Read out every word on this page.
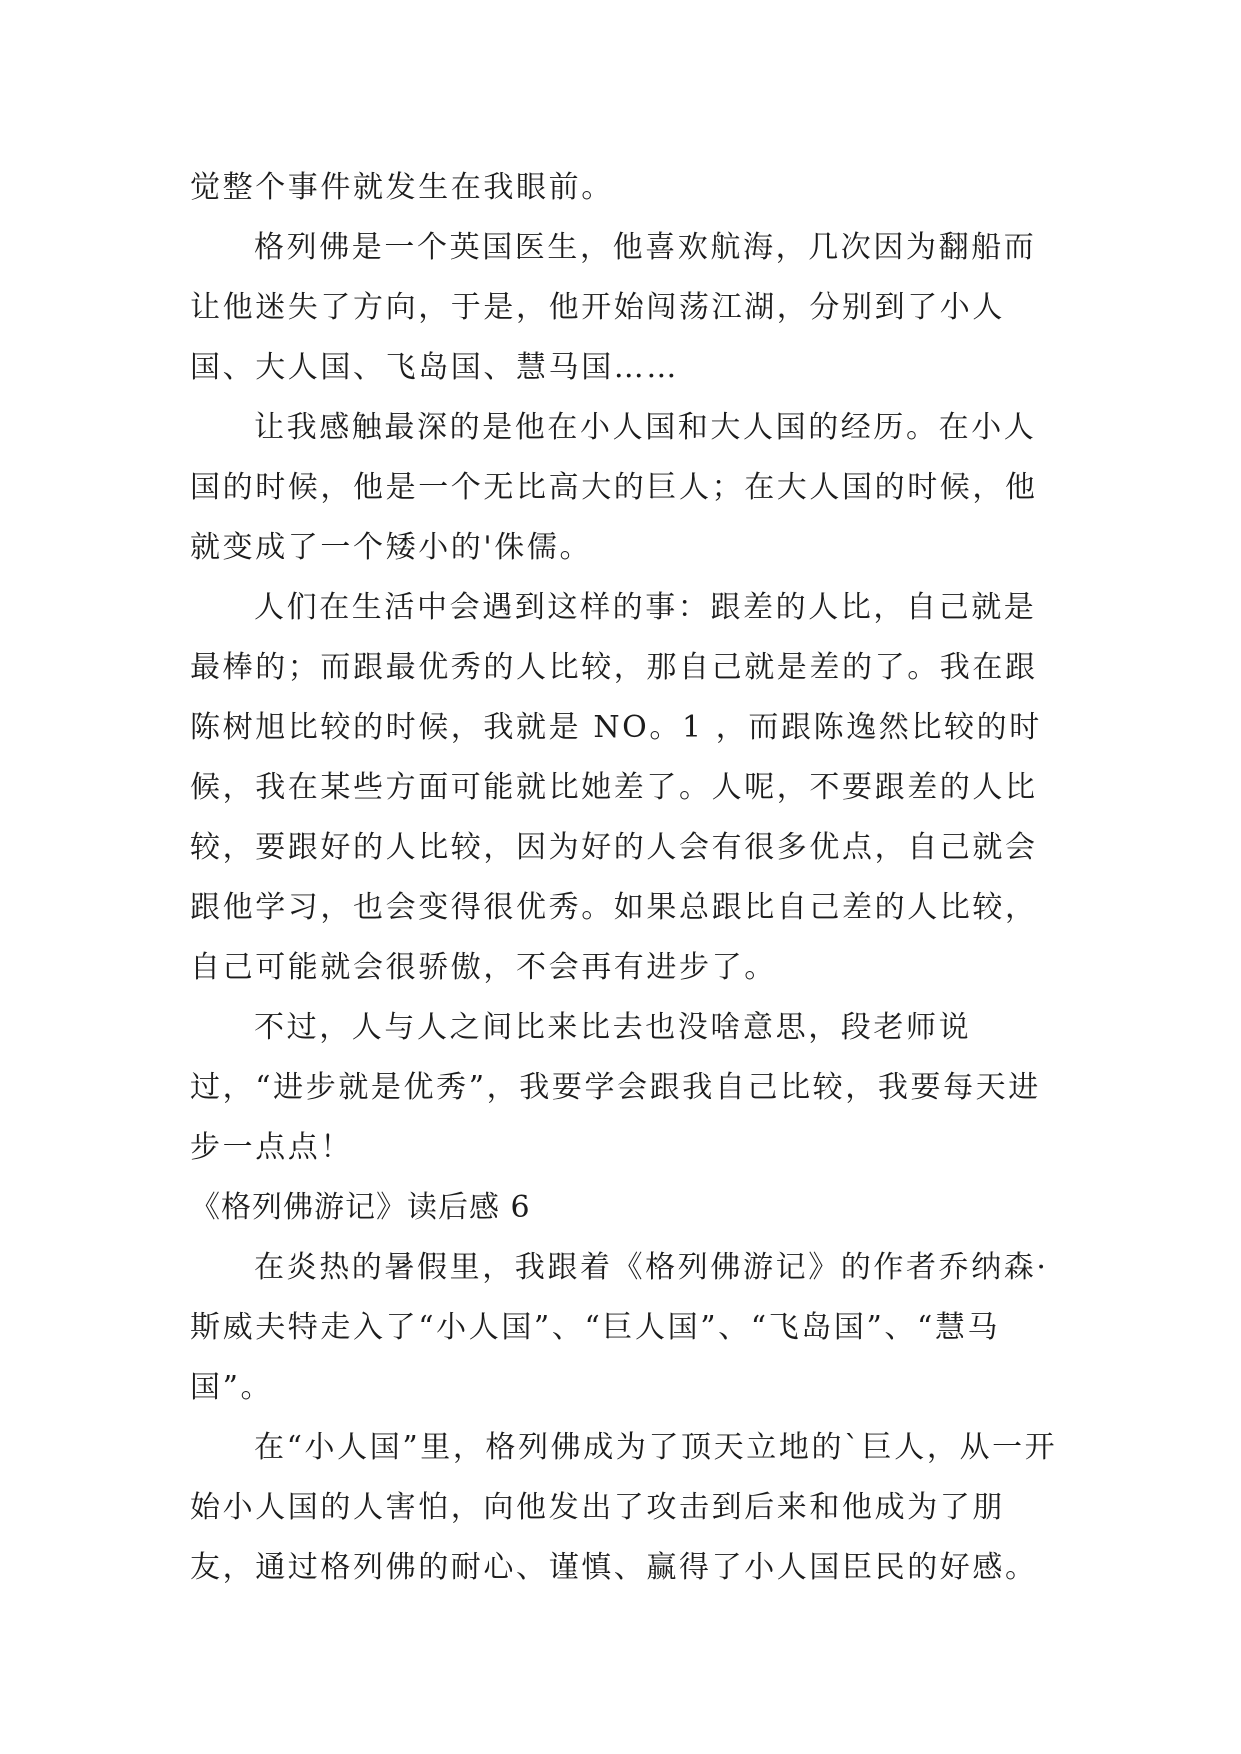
觉整个事件就发生在我眼前。

格列佛是一个英国医生，他喜欢航海，几次因为翻船而让他迷失了方向，于是，他开始闯荡江湖，分别到了小人国、大人国、飞岛国、慧马国……

让我感触最深的是他在小人国和大人国的经历。在小人国的时候，他是一个无比高大的巨人；在大人国的时候，他就变成了一个矮小的'侏儒。

人们在生活中会遇到这样的事：跟差的人比，自己就是最棒的；而跟最优秀的人比较，那自己就是差的了。我在跟陈树旭比较的时候，我就是 NO。1 ，而跟陈逸然比较的时候，我在某些方面可能就比她差了。人呢，不要跟差的人比较，要跟好的人比较，因为好的人会有很多优点，自己就会跟他学习，也会变得很优秀。如果总跟比自己差的人比较，自己可能就会很骄傲，不会再有进步了。

不过，人与人之间比来比去也没啥意思，段老师说过，“进步就是优秀”，我要学会跟我自己比较，我要每天进步一点点！

《格列佛游记》读后感 6

在炎热的暑假里，我跟着《格列佛游记》的作者乔纳森·斯威夫特走入了“小人国”、“巨人国”、“飞岛国”、“慧马国”。

在“小人国”里，格列佛成为了顶天立地的`巨人，从一开始小人国的人害怕，向他发出了攻击到后来和他成为了朋友，通过格列佛的耐心、谨慎、赢得了小人国臣民的好感。
